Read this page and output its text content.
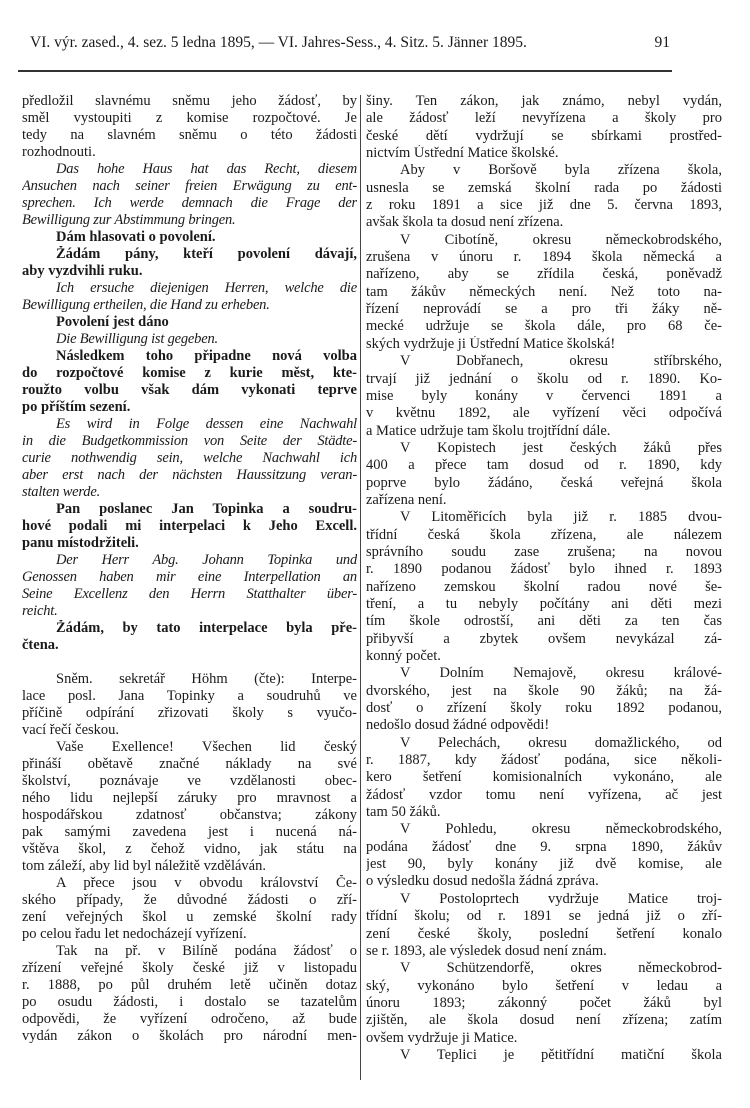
VI. výr. zased., 4. sez. 5 ledna 1895, — VI. Jahres-Sess., 4. Sitz. 5. Jänner 1895.	91
předložil slavnému sněmu jeho žádosť, by
směl vystoupiti z komise rozpočtové. Je
tedy na slavném sněmu o této žádosti
rozhodnouti.
Das hohe Haus hat das Recht, diesem
Ansuchen nach seiner freien Erwägung zu ent-
sprechen. Ich werde demnach die Frage der
Bewilligung zur Abstimmung bringen.
Dám hlasovati o povolení.
Žádám pány, kteří povolení dávají,
aby vyzdvihli ruku.
Ich ersuche diejenigen Herren, welche die
Bewilligung ertheilen, die Hand zu erheben.
Povolení jest dáno
Die Bewilligung ist gegeben.
Následkem toho připadne nová volba
do rozpočtové komise z kurie měst, kte-
roužto volbu však dám vykonati teprve
po příštím sezení.
Es wird in Folge dessen eine Nachwahl
in die Budgetkommission von Seite der Städte-
curie nothwendig sein, welche Nachwahl ich
aber erst nach der nächsten Haussitzung veran-
stalten werde.
Pan poslanec Jan Topinka a soudru-
hové podali mi interpelaci k Jeho Excell.
panu místodržiteli.
Der Herr Abg. Johann Topinka und
Genossen haben mir eine Interpellation an
Seine Excellenz den Herrn Statthalter über-
reicht.
Žádám, by tato interpelace byla pře-
čtena.
Sněm. sekretář Höhm (čte): Interpe-
lace posl. Jana Topinky a soudruhů ve
příčině odpírání zřizovati školy s vyučo-
vací řečí českou.
Vaše Exellence! Všechen lid český
přináší obětavě značné náklady na své
školství, poznávaje ve vzdělanosti obec-
ného lidu nejlepší záruky pro mravnost a
hospodářskou zdatnosť občanstva; zákony
pak samými zavedena jest i nucená ná-
vštěva škol, z čehož vidno, jak státu na
tom záleží, aby lid byl náležitě vzděláván.
A přece jsou v obvodu království Če-
ského případy, že důvodné žádosti o zří-
zení veřejných škol u zemské školní rady
po celou řadu let nedocházejí vyřízení.
Tak na př. v Bilíně podána žádosť o
zřízení veřejné školy české již v listopadu
r. 1888, po půl druhém letě učiněn dotaz
po osudu žádosti, i dostalo se tazatelům
odpovědi, že vyřízení odročeno, až bude
vydán zákon o školách pro národní men-
šiny. Ten zákon, jak známo, nebyl vydán,
ale žádosť leží nevyřízena a školy pro
české dětí vydržují se sbírkami prostřed-
nictvím Ústřední Matice školské.
Aby v Boršově byla zřízena škola,
usnesla se zemská školní rada po žádosti
z roku 1891 a sice již dne 5. června 1893,
avšak škola ta dosud není zřízena.
V Cibotíně, okresu německobrodského,
zrušena v únoru r. 1894 škola německá a
nařízeno, aby se zřídila česká, poněvadž
tam žákův německých není. Než toto na-
řízení neprovádí se a pro tři žáky ně-
mecké udržuje se škola dále, pro 68 če-
ských vydržuje ji Ústřední Matice školská!
V Dobřanech, okresu stříbrského,
trvají již jednání o školu od r. 1890. Ko-
mise byly konány v červenci 1891 a
v květnu 1892, ale vyřízení věci odpočívá
a Matice udržuje tam školu trojtřídní dále.
V Kopistech jest českých žáků přes
400 a přece tam dosud od r. 1890, kdy
poprve bylo žádáno, česká veřejná škola
zařízena není.
V Litoměřicích byla již r. 1885 dvou-
třídní česká škola zřízena, ale nálezem
správního soudu zase zrušena; na novou
r. 1890 podanou žádosť bylo ihned r. 1893
nařízeno zemskou školní radou nové še-
tření, a tu nebyly počítány ani děti mezi
tím škole odrostší, ani děti za ten čas
přibyvší a zbytek ovšem nevykázal zá-
konný počet.
V Dolním Nemajově, okresu králové-
dvorského, jest na škole 90 žáků; na žá-
dosť o zřízení školy roku 1892 podanou,
nedošlo dosud žádné odpovědi!
V Pelechách, okresu domažlického, od
r. 1887, kdy žádosť podána, sice několi-
kero šetření komisionalních vykonáno, ale
žádosť vzdor tomu není vyřízena, ač jest
tam 50 žáků.
V Pohledu, okresu německobrodského,
podána žádosť dne 9. srpna 1890, žákův
jest 90, byly konány již dvě komise, ale
o výsledku dosud nedošla žádná zpráva.
V Postoloprtech vydržuje Matice troj-
třídní školu; od r. 1891 se jedná již o zří-
zení české školy, poslední šetření konalo
se r. 1893, ale výsledek dosud není znám.
V Schützendorfě, okres německobrod-
ský, vykonáno bylo šetření v ledau a
únoru 1893; zákonný počet žáků byl
zjištěn, ale škola dosud není zřízena; zatím
ovšem vydržuje ji Matice.
V Teplici je pětitřídní matiční škola
